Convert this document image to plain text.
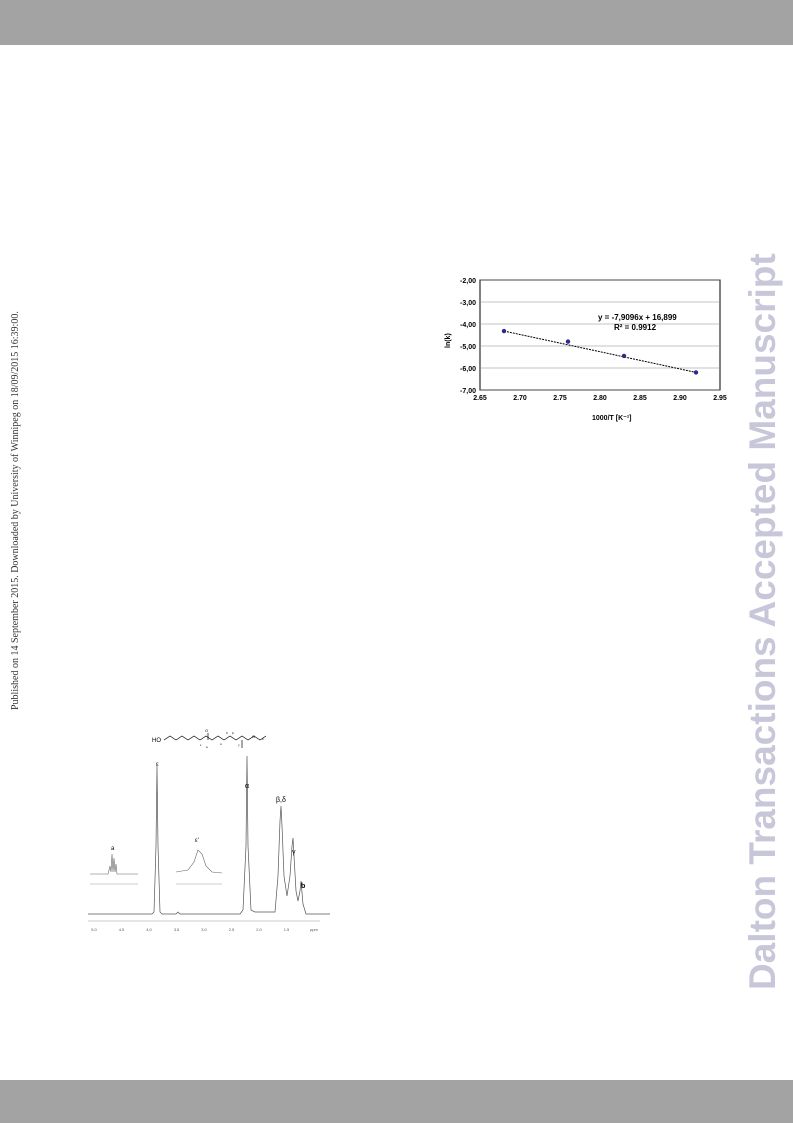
Published on 14 September 2015. Downloaded by University of Winnipeg on 18/09/2015 16:39:00.	Dalton Transactions Accepted Manuscript
-2,00
-3,00
-4,00
-5,00
-6,00
-7,00
2.65	2.70	2.75	2.80	2.85	2.90	2.95
y = -7,9096x + 16,899
R² = 0.9912
ln(k)
1000/T [K⁻¹]
HO
O
O
ε a
α
β
δ
γ
b
ε
α
β,δ
γ
b
a
ε'
5.0	4.5	4.0	3.5	3.0	2.5	2.0	1.5	ppm
